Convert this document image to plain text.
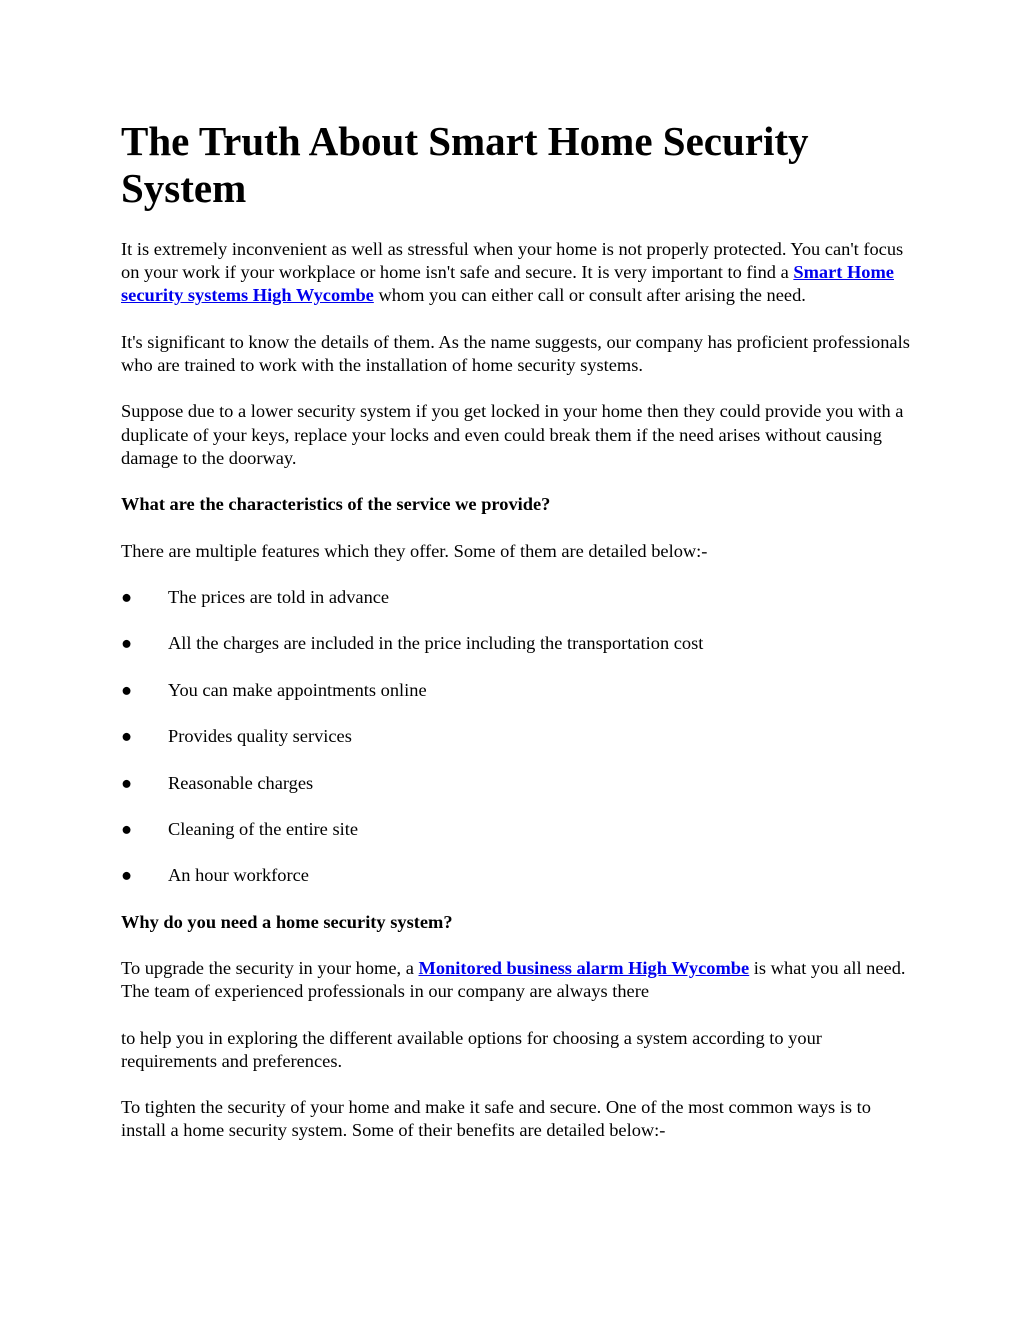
The Truth About Smart Home Security System

It is extremely inconvenient as well as stressful when your home is not properly protected. You can't focus on your work if your workplace or home isn't safe and secure. It is very important to find a Smart Home security systems High Wycombe whom you can either call or consult after arising the need.

It's significant to know the details of them. As the name suggests, our company has proficient professionals who are trained to work with the installation of home security systems.

Suppose due to a lower security system if you get locked in your home then they could provide you with a duplicate of your keys, replace your locks and even could break them if the need arises without causing damage to the doorway.

What are the characteristics of the service we provide?

There are multiple features which they offer. Some of them are detailed below:-

● The prices are told in advance
● All the charges are included in the price including the transportation cost
● You can make appointments online
● Provides quality services
● Reasonable charges
● Cleaning of the entire site
● An hour workforce

Why do you need a home security system?

To upgrade the security in your home, a Monitored business alarm High Wycombe is what you all need. The team of experienced professionals in our company are always there

to help you in exploring the different available options for choosing a system according to your requirements and preferences.

To tighten the security of your home and make it safe and secure. One of the most common ways is to install a home security system. Some of their benefits are detailed below:-
